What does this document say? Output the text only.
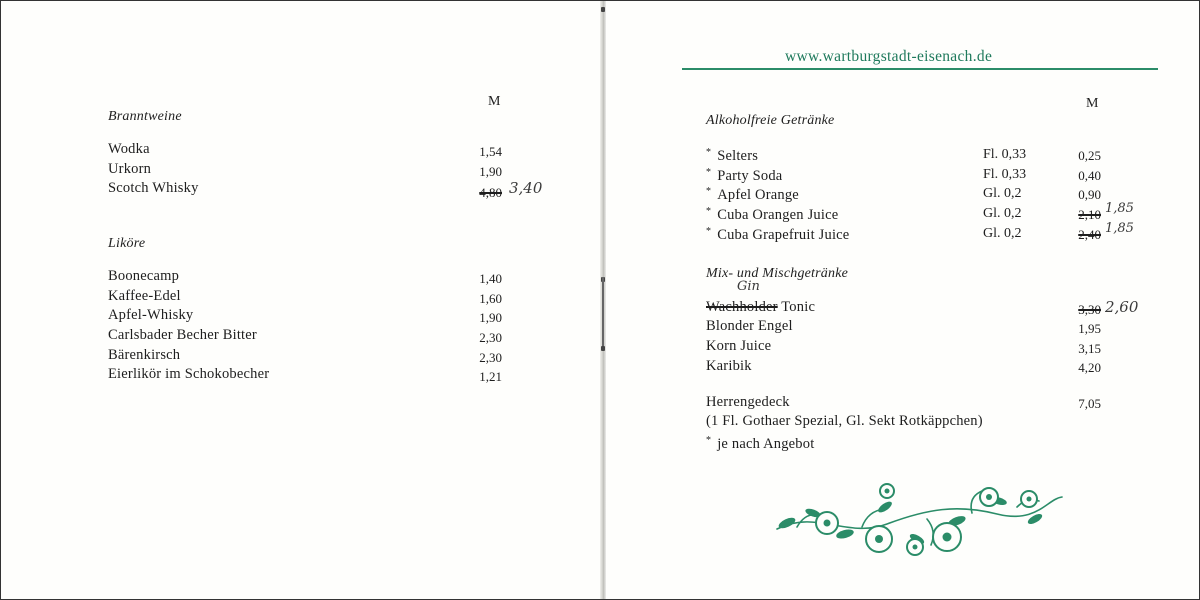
M
Branntweine
Wodka	1,54
Urkorn	1,90
Scotch Whisky	4,80 3,40
Liköre
Boonecamp	1,40
Kaffee-Edel	1,60
Apfel-Whisky	1,90
Carlsbader Becher Bitter	2,30
Bärenkirsch	2,30
Eierlikör im Schokobecher	1,21
www.wartburgstadt-eisenach.de
M
Alkoholfreie Getränke
* Selters	Fl. 0,33	0,25
* Party Soda	Fl. 0,33	0,40
* Apfel Orange	Gl. 0,2	0,90
* Cuba Orangen Juice	Gl. 0,2	2,10 1,85
* Cuba Grapefruit Juice	Gl. 0,2	2,40 1,85
Mix- und Mischgetränke
Gin
Wachholder Tonic	3,30 2,60
Blonder Engel	1,95
Korn Juice	3,15
Karibik	4,20
Herrengedeck	7,05
(1 Fl. Gothaer Spezial, Gl. Sekt Rotkäppchen)
* je nach Angebot
